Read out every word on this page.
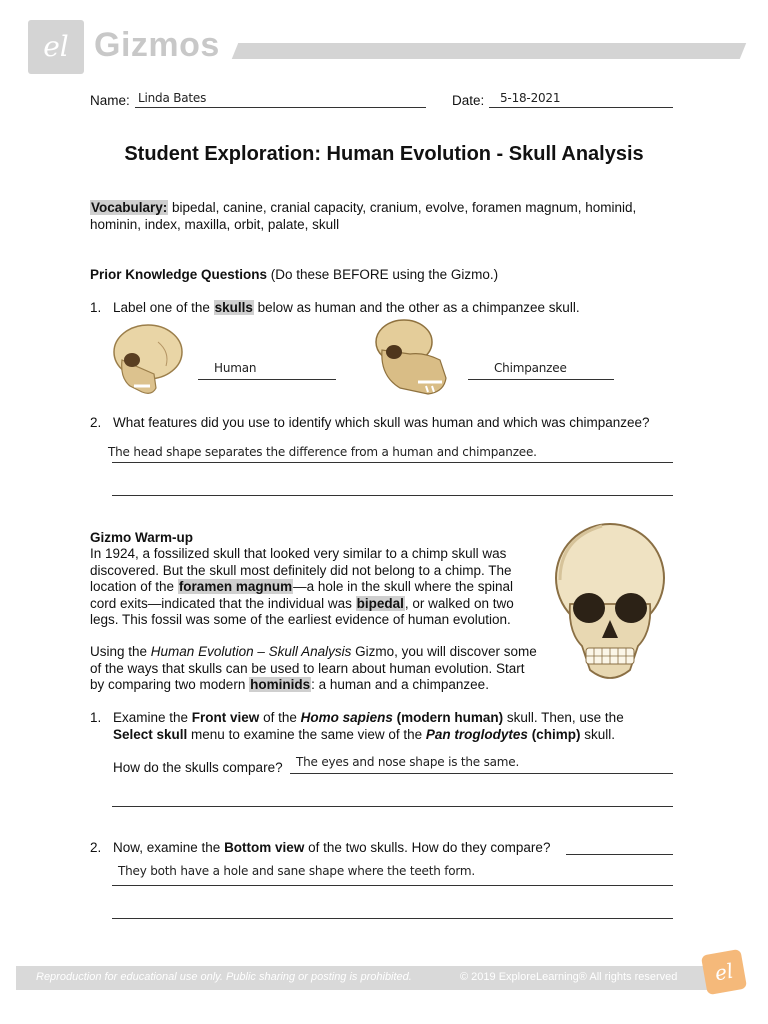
el Gizmos
Name: Linda Bates	Date: 5-18-2021
Student Exploration: Human Evolution - Skull Analysis
Vocabulary: bipedal, canine, cranial capacity, cranium, evolve, foramen magnum, hominid, hominin, index, maxilla, orbit, palate, skull
Prior Knowledge Questions (Do these BEFORE using the Gizmo.)
1. Label one of the skulls below as human and the other as a chimpanzee skull.
Human	Chimpanzee
2. What features did you use to identify which skull was human and which was chimpanzee?
The head shape separates the difference from a human and chimpanzee.
Gizmo Warm-up
In 1924, a fossilized skull that looked very similar to a chimp skull was discovered. But the skull most definitely did not belong to a chimp. The location of the foramen magnum—a hole in the skull where the spinal cord exits—indicated that the individual was bipedal, or walked on two legs. This fossil was some of the earliest evidence of human evolution.
Using the Human Evolution – Skull Analysis Gizmo, you will discover some of the ways that skulls can be used to learn about human evolution. Start by comparing two modern hominids: a human and a chimpanzee.
1. Examine the Front view of the Homo sapiens (modern human) skull. Then, use the Select skull menu to examine the same view of the Pan troglodytes (chimp) skull.
How do the skulls compare? The eyes and nose shape is the same.
2. Now, examine the Bottom view of the two skulls. How do they compare?
They both have a hole and sane shape where the teeth form.
Reproduction for educational use only. Public sharing or posting is prohibited.	© 2019 ExploreLearning® All rights reserved	el
